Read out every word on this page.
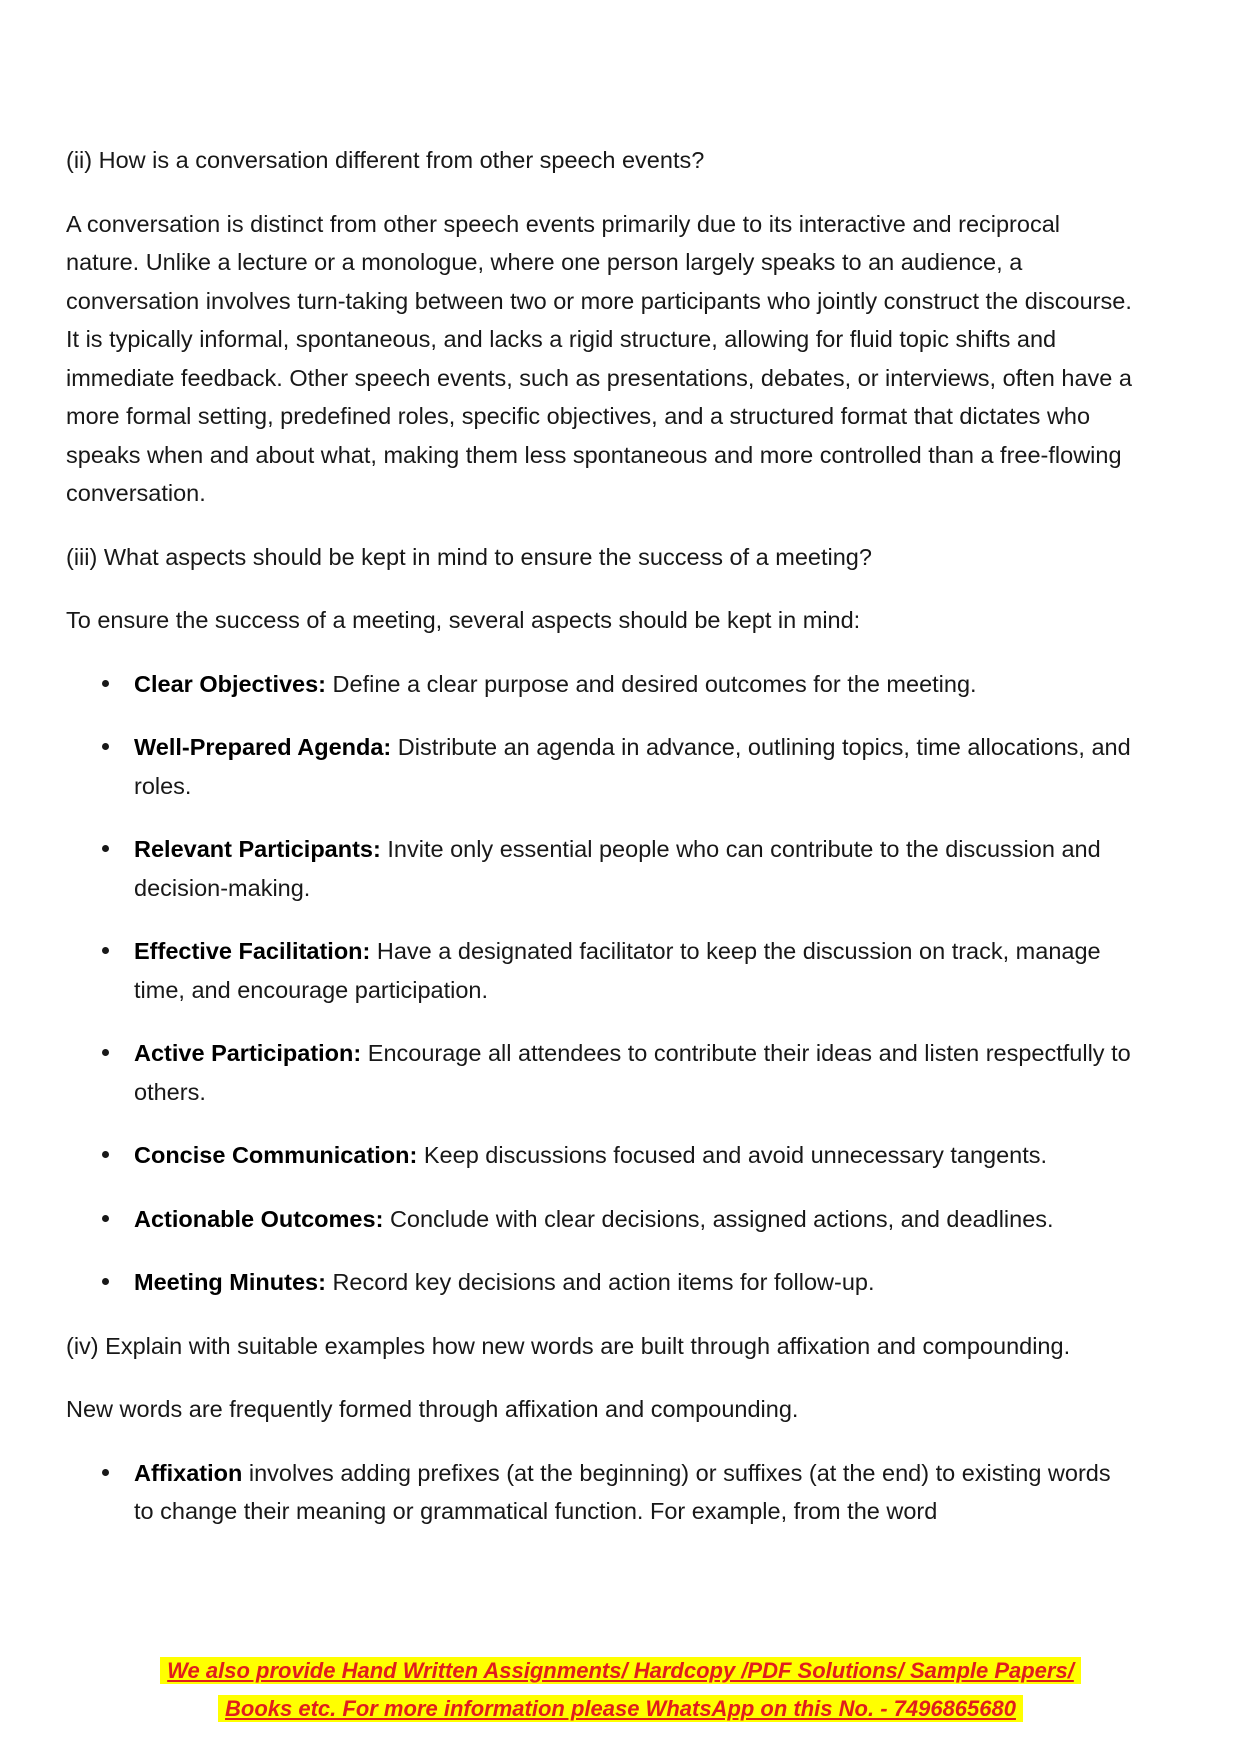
(ii) How is a conversation different from other speech events?

A conversation is distinct from other speech events primarily due to its interactive and reciprocal nature. Unlike a lecture or a monologue, where one person largely speaks to an audience, a conversation involves turn-taking between two or more participants who jointly construct the discourse. It is typically informal, spontaneous, and lacks a rigid structure, allowing for fluid topic shifts and immediate feedback. Other speech events, such as presentations, debates, or interviews, often have a more formal setting, predefined roles, specific objectives, and a structured format that dictates who speaks when and about what, making them less spontaneous and more controlled than a free-flowing conversation.

(iii) What aspects should be kept in mind to ensure the success of a meeting?

To ensure the success of a meeting, several aspects should be kept in mind:

Clear Objectives: Define a clear purpose and desired outcomes for the meeting.
Well-Prepared Agenda: Distribute an agenda in advance, outlining topics, time allocations, and roles.
Relevant Participants: Invite only essential people who can contribute to the discussion and decision-making.
Effective Facilitation: Have a designated facilitator to keep the discussion on track, manage time, and encourage participation.
Active Participation: Encourage all attendees to contribute their ideas and listen respectfully to others.
Concise Communication: Keep discussions focused and avoid unnecessary tangents.
Actionable Outcomes: Conclude with clear decisions, assigned actions, and deadlines.
Meeting Minutes: Record key decisions and action items for follow-up.

(iv) Explain with suitable examples how new words are built through affixation and compounding.

New words are frequently formed through affixation and compounding.

Affixation involves adding prefixes (at the beginning) or suffixes (at the end) to existing words to change their meaning or grammatical function. For example, from the word
We also provide Hand Written Assignments/ Hardcopy /PDF Solutions/ Sample Papers/
Books etc. For more information please WhatsApp on this No. - 7496865680
